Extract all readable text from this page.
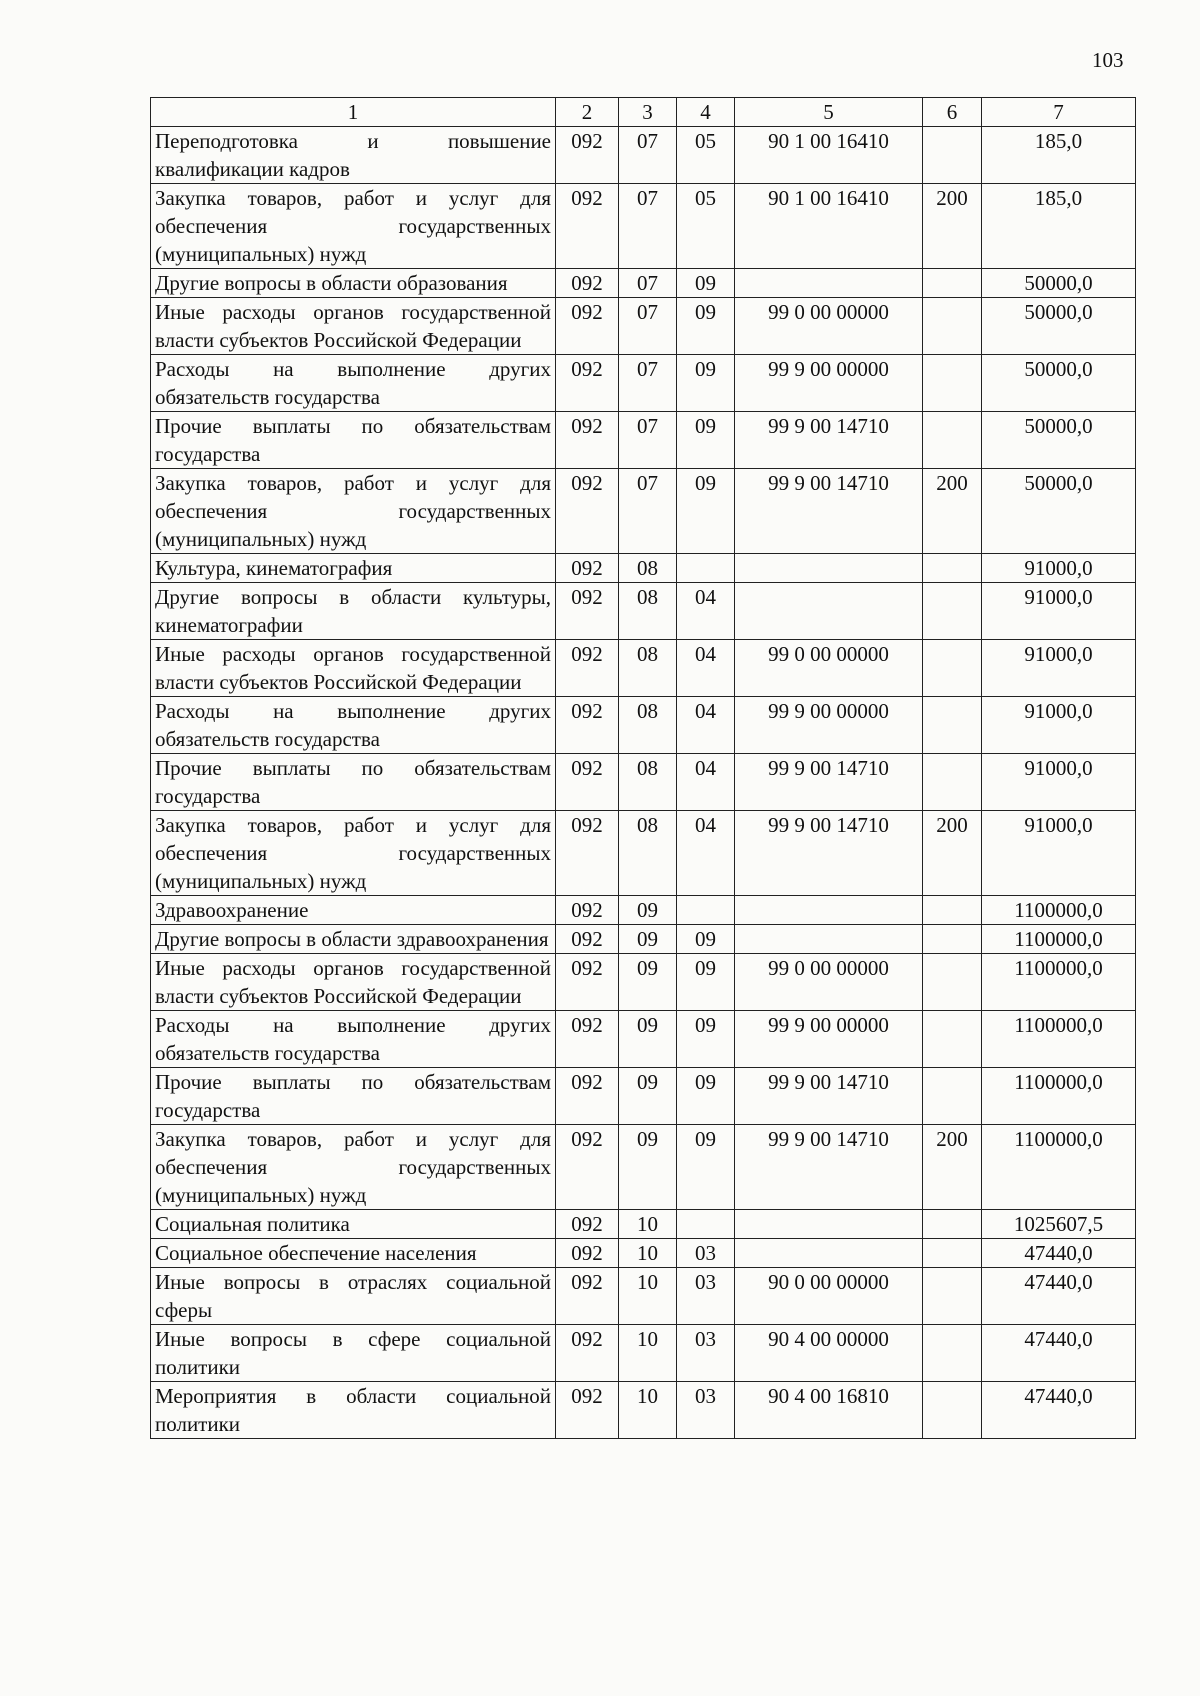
103
1	2	3	4	5	6	7
Переподготовка и повышение квалификации кадров	092	07	05	90 1 00 16410		185,0
Закупка товаров, работ и услуг для обеспечения государственных (муниципальных) нужд	092	07	05	90 1 00 16410	200	185,0
Другие вопросы в области образования	092	07	09			50000,0
Иные расходы органов государственной власти субъектов Российской Федерации	092	07	09	99 0 00 00000		50000,0
Расходы на выполнение других обязательств государства	092	07	09	99 9 00 00000		50000,0
Прочие выплаты по обязательствам государства	092	07	09	99 9 00 14710		50000,0
Закупка товаров, работ и услуг для обеспечения государственных (муниципальных) нужд	092	07	09	99 9 00 14710	200	50000,0
Культура, кинематография	092	08				91000,0
Другие вопросы в области культуры, кинематографии	092	08	04			91000,0
Иные расходы органов государственной власти субъектов Российской Федерации	092	08	04	99 0 00 00000		91000,0
Расходы на выполнение других обязательств государства	092	08	04	99 9 00 00000		91000,0
Прочие выплаты по обязательствам государства	092	08	04	99 9 00 14710		91000,0
Закупка товаров, работ и услуг для обеспечения государственных (муниципальных) нужд	092	08	04	99 9 00 14710	200	91000,0
Здравоохранение	092	09				1100000,0
Другие вопросы в области здравоохранения	092	09	09			1100000,0
Иные расходы органов государственной власти субъектов Российской Федерации	092	09	09	99 0 00 00000		1100000,0
Расходы на выполнение других обязательств государства	092	09	09	99 9 00 00000		1100000,0
Прочие выплаты по обязательствам государства	092	09	09	99 9 00 14710		1100000,0
Закупка товаров, работ и услуг для обеспечения государственных (муниципальных) нужд	092	09	09	99 9 00 14710	200	1100000,0
Социальная политика	092	10				1025607,5
Социальное обеспечение населения	092	10	03			47440,0
Иные вопросы в отраслях социальной сферы	092	10	03	90 0 00 00000		47440,0
Иные вопросы в сфере социальной политики	092	10	03	90 4 00 00000		47440,0
Мероприятия в области социальной политики	092	10	03	90 4 00 16810		47440,0
